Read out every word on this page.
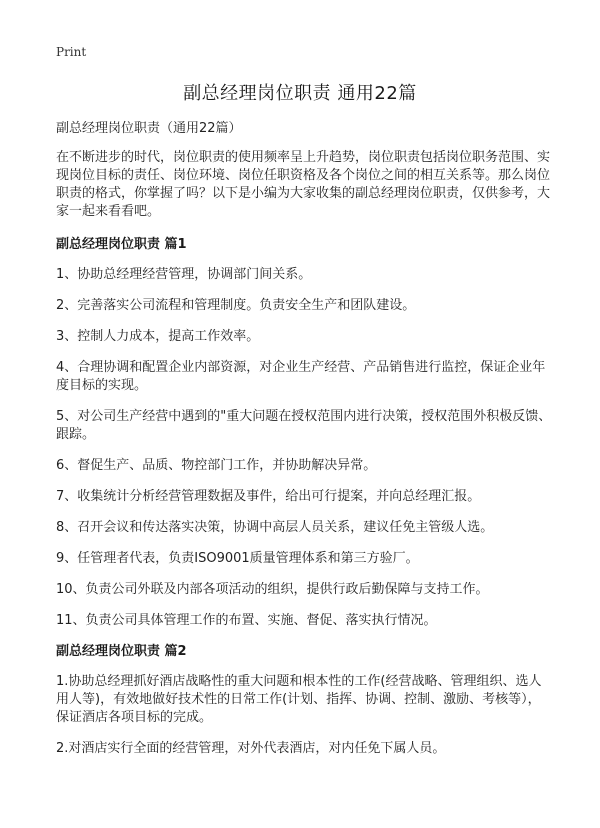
Print
副总经理岗位职责 通用22篇

副总经理岗位职责（通用22篇）

在不断进步的时代，岗位职责的使用频率呈上升趋势，岗位职责包括岗位职务范围、实现岗位目标的责任、岗位环境、岗位任职资格及各个岗位之间的相互关系等。那么岗位职责的格式，你掌握了吗？以下是小编为大家收集的副总经理岗位职责，仅供参考，大家一起来看看吧。

副总经理岗位职责 篇1

1、协助总经理经营管理，协调部门间关系。

2、完善落实公司流程和管理制度。负责安全生产和团队建设。

3、控制人力成本，提高工作效率。

4、合理协调和配置企业内部资源，对企业生产经营、产品销售进行监控，保证企业年度目标的实现。

5、对公司生产经营中遇到的"重大问题在授权范围内进行决策，授权范围外积极反馈、跟踪。

6、督促生产、品质、物控部门工作，并协助解决异常。

7、收集统计分析经营管理数据及事件，给出可行提案，并向总经理汇报。

8、召开会议和传达落实决策，协调中高层人员关系，建议任免主管级人选。

9、任管理者代表，负责ISO9001质量管理体系和第三方验厂。

10、负责公司外联及内部各项活动的组织，提供行政后勤保障与支持工作。

11、负责公司具体管理工作的布置、实施、督促、落实执行情况。

副总经理岗位职责 篇2

1.协助总经理抓好酒店战略性的重大问题和根本性的工作(经营战略、管理组织、选人用人等)，有效地做好技术性的日常工作(计划、指挥、协调、控制、激励、考核等），保证酒店各项目标的完成。

2.对酒店实行全面的经营管理，对外代表酒店，对内任免下属人员。
